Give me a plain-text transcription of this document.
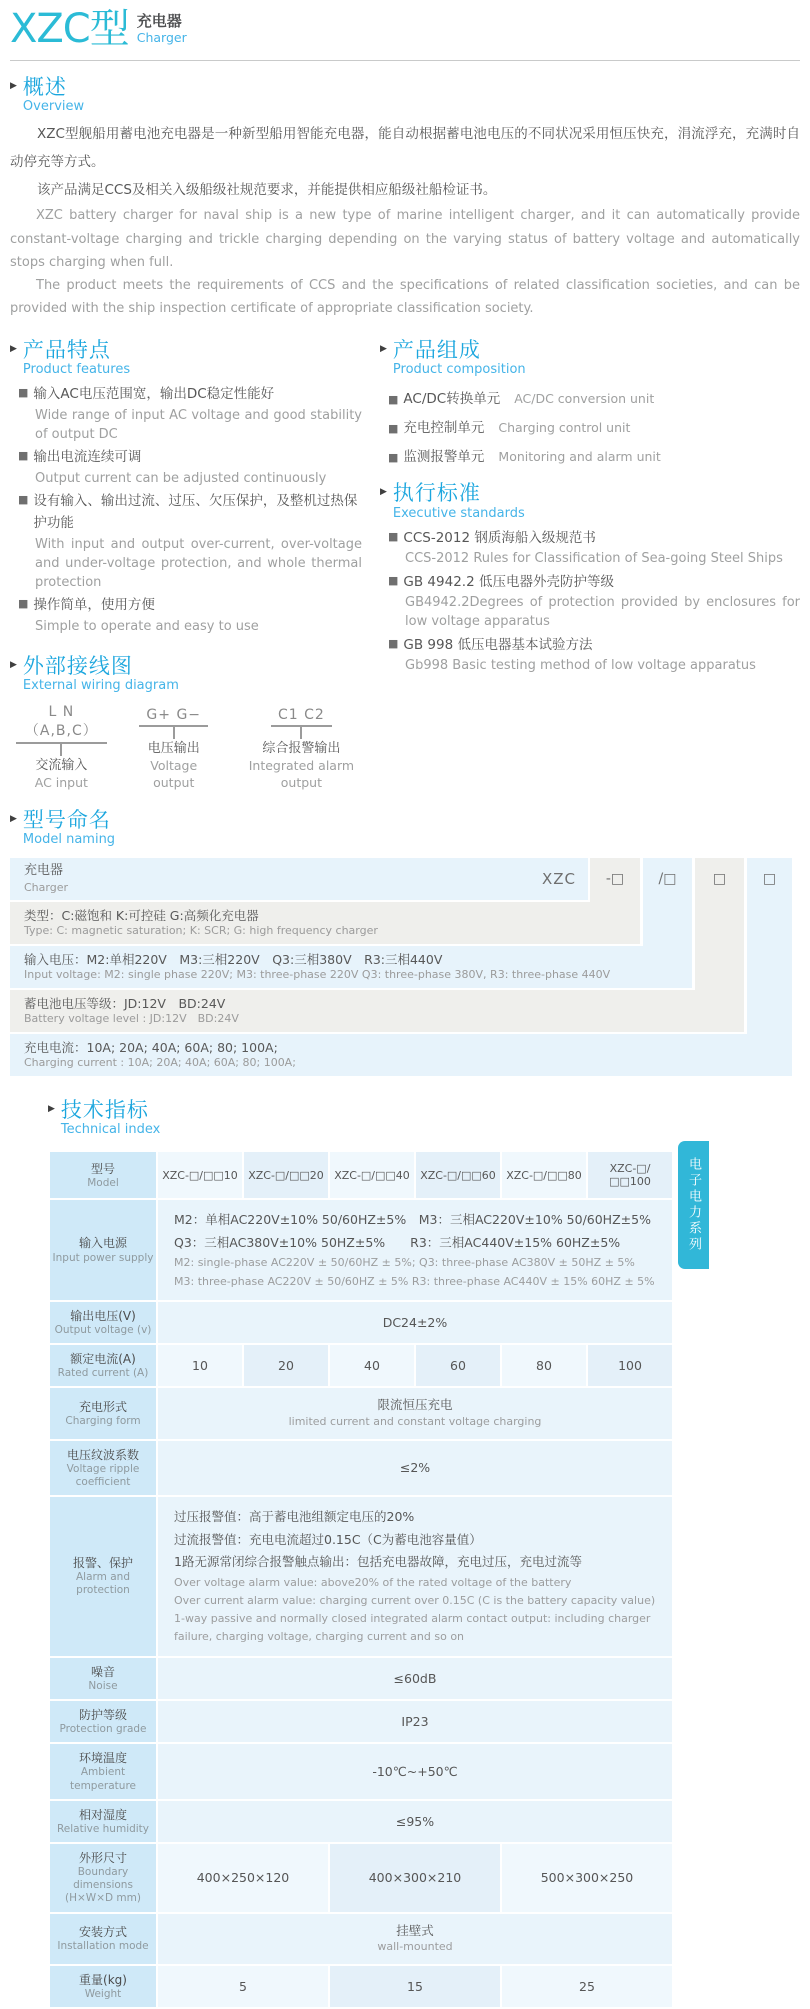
XZC型 充电器
Charger
▶ 概述
Overview

XZC型舰船用蓄电池充电器是一种新型船用智能充电器，能自动根据蓄电池电压的不同状况采用恒压快充，涓流浮充，充满时自动停充等方式。

该产品满足CCS及相关入级船级社规范要求，并能提供相应船级社船检证书。

XZC battery charger for naval ship is a new type of marine intelligent charger, and it can automatically provide constant-voltage charging and trickle charging depending on the varying status of battery voltage and automatically stops charging when full.

The product meets the requirements of CCS and the specifications of related classification societies, and can be provided with the ship inspection certificate of appropriate classification society.

▶ 产品特点
Product features
■ 输入AC电压范围宽，输出DC稳定性能好
Wide range of input AC voltage and good stability of output DC
■ 输出电流连续可调
Output current can be adjusted continuously
■ 设有输入、输出过流、过压、欠压保护，及整机过热保护功能
With input and output over-current, over-voltage and under-voltage protection, and whole thermal protection
■ 操作简单，使用方便
Simple to operate and easy to use
▶ 外部接线图
External wiring diagram
L N（A,B,C）
交流输入
AC input
G+ G−
电压输出
Voltage output
C1 C2
综合报警输出
Integrated alarm output
▶ 产品组成
Product composition
■ AC/DC转换单元 AC/DC conversion unit
■ 充电控制单元 Charging control unit
■ 监测报警单元 Monitoring and alarm unit
▶ 执行标准
Executive standards
■ CCS-2012 钢质海船入级规范书
CCS-2012 Rules for Classification of Sea-going Steel Ships
■ GB 4942.2 低压电器外壳防护等级
GB4942.2Degrees of protection provided by enclosures for low voltage apparatus
■ GB 998 低压电器基本试验方法
Gb998 Basic testing method of low voltage apparatus
▶ 型号命名
Model naming
充电器
Charger	XZC
类型：C:磁饱和 K:可控硅 G:高频化充电器
Type: C: magnetic saturation; K: SCR; G: high frequency charger
输入电压：M2:单相220V　M3:三相220V　Q3:三相380V　R3:三相440V
Input voltage: M2: single phase 220V; M3: three-phase 220V Q3: three-phase 380V, R3: three-phase 440V
蓄电池电压等级：JD:12V　BD:24V
Battery voltage level : JD:12V　BD:24V
充电电流：10A; 20A; 40A; 60A; 80; 100A;
Charging current : 10A; 20A; 40A; 60A; 80; 100A;
-□	/□	□	□
▶ 技术指标
Technical index
型号
Model	XZC-□/□□10	XZC-□/□□20	XZC-□/□□40	XZC-□/□□60	XZC-□/□□80	XZC-□/□□100

输入电源
Input power supply

M2：单相AC220V±10% 50/60HZ±5%　M3：三相AC220V±10% 50/60HZ±5%
Q3：三相AC380V±10% 50HZ±5%　　R3：三相AC440V±15% 60HZ±5%
M2: single-phase AC220V ± 50/60HZ ± 5%; Q3: three-phase AC380V ± 50HZ ± 5%
M3: three-phase AC220V ± 50/60HZ ± 5% R3: three-phase AC440V ± 15% 60HZ ± 5%

输出电压(V)
Output voltage (v)	DC24±2%					

额定电流(A)
Rated current (A)	10	20	40	60	80	100

充电形式
Charging form

限流恒压充电
limited current and constant voltage charging

电压纹波系数
Voltage ripple coefficient	≤2%					

报警、保护
Alarm and protection

过压报警值：高于蓄电池组额定电压的20%
过流报警值：充电电流超过0.15C（C为蓄电池容量值）
1路无源常闭综合报警触点输出：包括充电器故障，充电过压，充电过流等
Over voltage alarm value: above20% of the rated voltage of the battery
Over current alarm value: charging current over 0.15C (C is the battery capacity value)
1-way passive and normally closed integrated alarm contact output: including charger failure, charging voltage, charging current and so on

噪音
Noise	≤60dB					

防护等级
Protection grade	IP23					

环境温度
Ambient temperature	-10℃~+50℃					

相对湿度
Relative humidity	≤95%					

外形尺寸
Boundary dimensions
(H×W×D mm)	400×250×120		400×300×210		500×300×250	

安装方式
Installation mode

挂壁式
wall-mounted

重量(kg)
Weight	5		15		25	
电子电力系列
